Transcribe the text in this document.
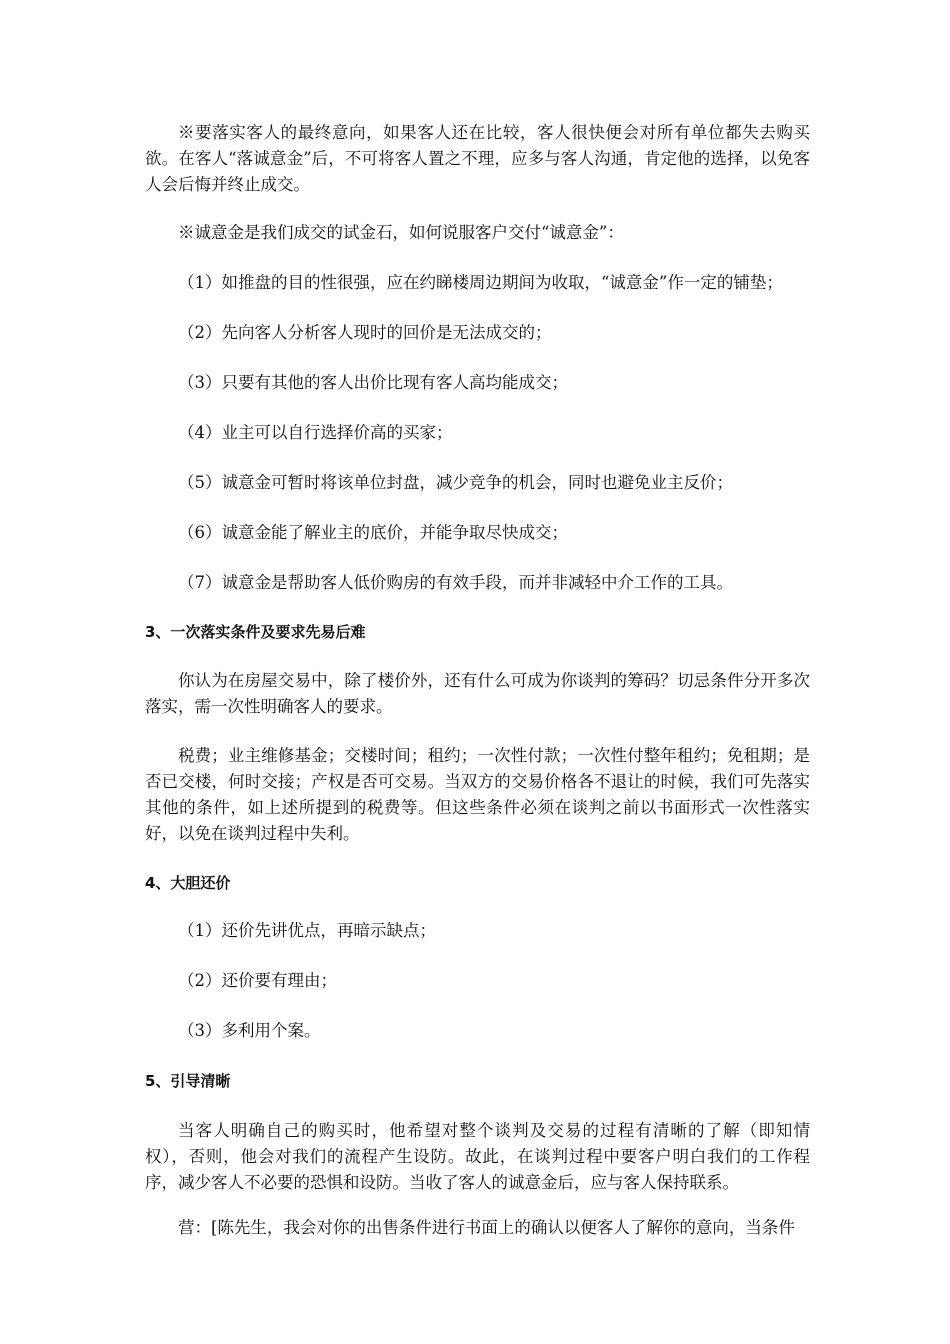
※要落实客人的最终意向，如果客人还在比较，客人很快便会对所有单位都失去购买欲。在客人“落诚意金”后，不可将客人置之不理，应多与客人沟通，肯定他的选择，以免客人会后悔并终止成交。

※诚意金是我们成交的试金石，如何说服客户交付“诚意金”：

（1）如推盘的目的性很强，应在约睇楼周边期间为收取，“诚意金”作一定的铺垫；

（2）先向客人分析客人现时的回价是无法成交的；

（3）只要有其他的客人出价比现有客人高均能成交；

（4）业主可以自行选择价高的买家；

（5）诚意金可暂时将该单位封盘，减少竞争的机会，同时也避免业主反价；

（6）诚意金能了解业主的底价，并能争取尽快成交；

（7）诚意金是帮助客人低价购房的有效手段，而并非减轻中介工作的工具。

3、一次落实条件及要求先易后难

你认为在房屋交易中，除了楼价外，还有什么可成为你谈判的筹码？切忌条件分开多次落实，需一次性明确客人的要求。

税费；业主维修基金；交楼时间；租约；一次性付款；一次性付整年租约；免租期；是否已交楼，何时交接；产权是否可交易。当双方的交易价格各不退让的时候，我们可先落实其他的条件，如上述所提到的税费等。但这些条件必须在谈判之前以书面形式一次性落实好，以免在谈判过程中失利。

4、大胆还价

（1）还价先讲优点，再暗示缺点；

（2）还价要有理由；

（3）多利用个案。

5、引导清晰

当客人明确自己的购买时，他希望对整个谈判及交易的过程有清晰的了解（即知情权），否则，他会对我们的流程产生设防。故此，在谈判过程中要客户明白我们的工作程序，减少客人不必要的恐惧和设防。当收了客人的诚意金后，应与客人保持联系。

营：[陈先生，我会对你的出售条件进行书面上的确认以便客人了解你的意向，当条件
